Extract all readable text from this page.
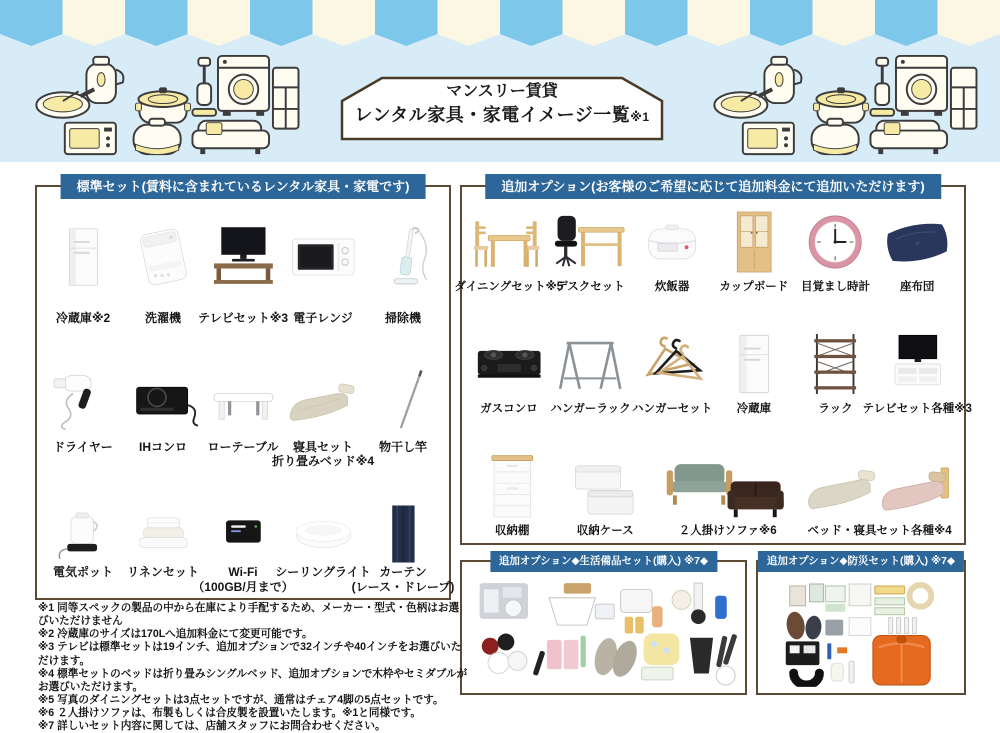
マンスリー賃貸
レンタル家具・家電イメージ一覧※1
標準セット(賃料に含まれているレンタル家具・家電です)
冷蔵庫※2	洗濯機 テレビセット※3 電子レンジ	掃除機
ドライヤー IHコンロ ローテーブル	寝具セット
折り畳みベッド※4
物干し竿
電気ポット リネンセット	Wi-Fi
（100GB/月まで）
シーリングライト カーテン
(レース・ドレープ)
追加オプション(お客様のご希望に応じて追加料金にて追加いただけます)
ダイニングセット※5
デスクセット	炊飯器	カップボード 目覚まし時計	座布団
ガスコンロ ハンガーラック ハンガーセット 冷蔵庫	ラック テレビセット各種※3
収納棚	収納ケース	２人掛けソファ※6	ベッド・寝具セット各種※4
追加オプション◆生活備品セット(購入) ※7◆	追加オプション◆防災セット(購入) ※7◆
※1 同等スペックの製品の中から在庫により手配するため、メーカー・型式・色柄はお選びいただけません
※2 冷蔵庫のサイズは170Lへ追加料金にて変更可能です。
※3 テレビは標準セットは19インチ、追加オプションで32インチや40インチをお選びいただけます。
※4 標準セットのベッドは折り畳みシングルベッド、追加オプションで木枠やセミダブルがお選びいただけます。
※5 写真のダイニングセットは3点セットですが、通常はチェア4脚の5点セットです。
※6 ２人掛けソファは、布製もしくは合皮製を設置いたします。※1と同様です。
※7 詳しいセット内容に関しては、店舗スタッフにお問合わせください。
